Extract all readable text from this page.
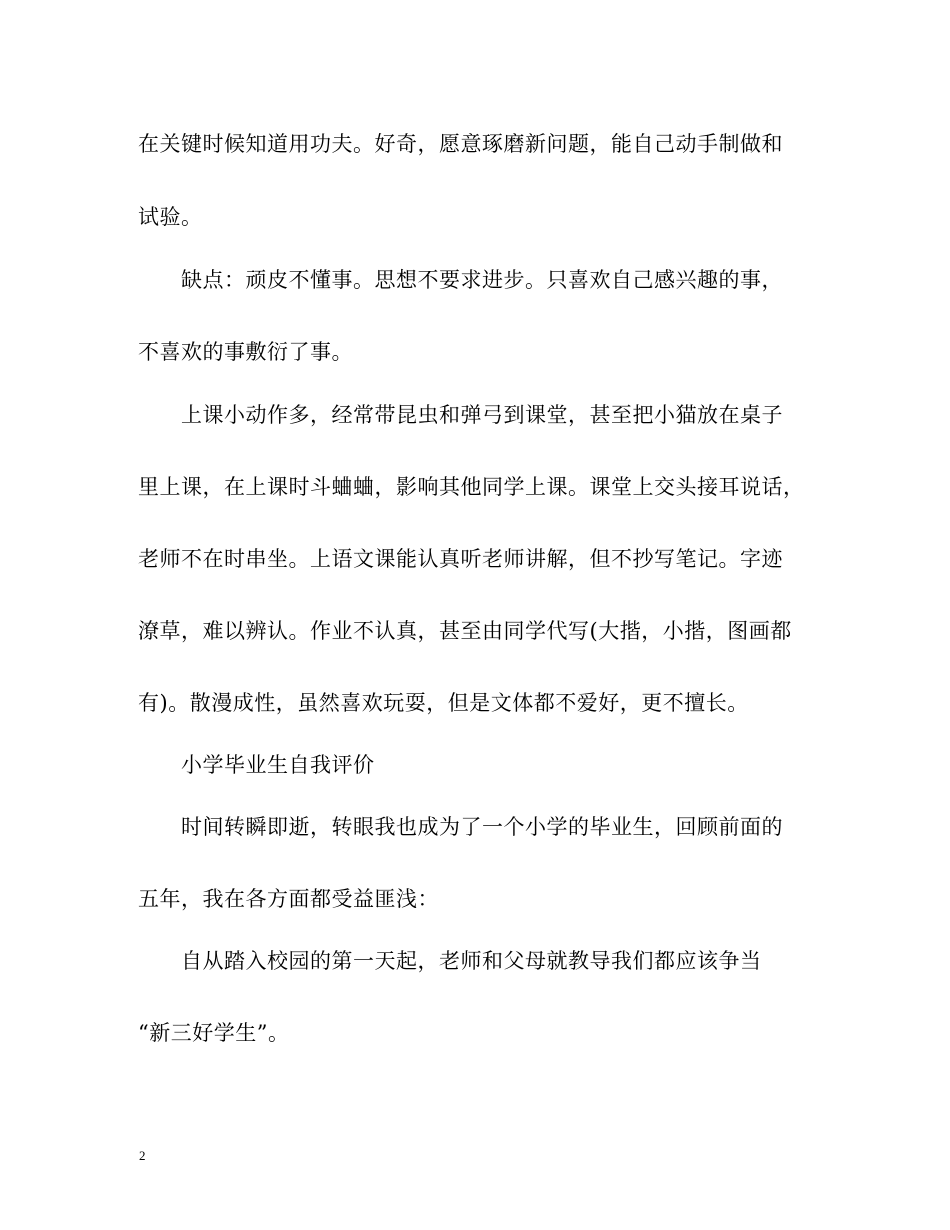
在关键时候知道用功夫。好奇，愿意琢磨新问题，能自己动手制做和

试验。

　　缺点：顽皮不懂事。思想不要求进步。只喜欢自己感兴趣的事，

不喜欢的事敷衍了事。

　　上课小动作多，经常带昆虫和弹弓到课堂，甚至把小猫放在桌子

里上课，在上课时斗蛐蛐，影响其他同学上课。课堂上交头接耳说话，

老师不在时串坐。上语文课能认真听老师讲解，但不抄写笔记。字迹

潦草，难以辨认。作业不认真，甚至由同学代写(大揩，小揩，图画都

有)。散漫成性，虽然喜欢玩耍，但是文体都不爱好，更不擅长。

　　小学毕业生自我评价

　　时间转瞬即逝，转眼我也成为了一个小学的毕业生，回顾前面的

五年，我在各方面都受益匪浅：

　　自从踏入校园的第一天起，老师和父母就教导我们都应该争当

“新三好学生”。

2
